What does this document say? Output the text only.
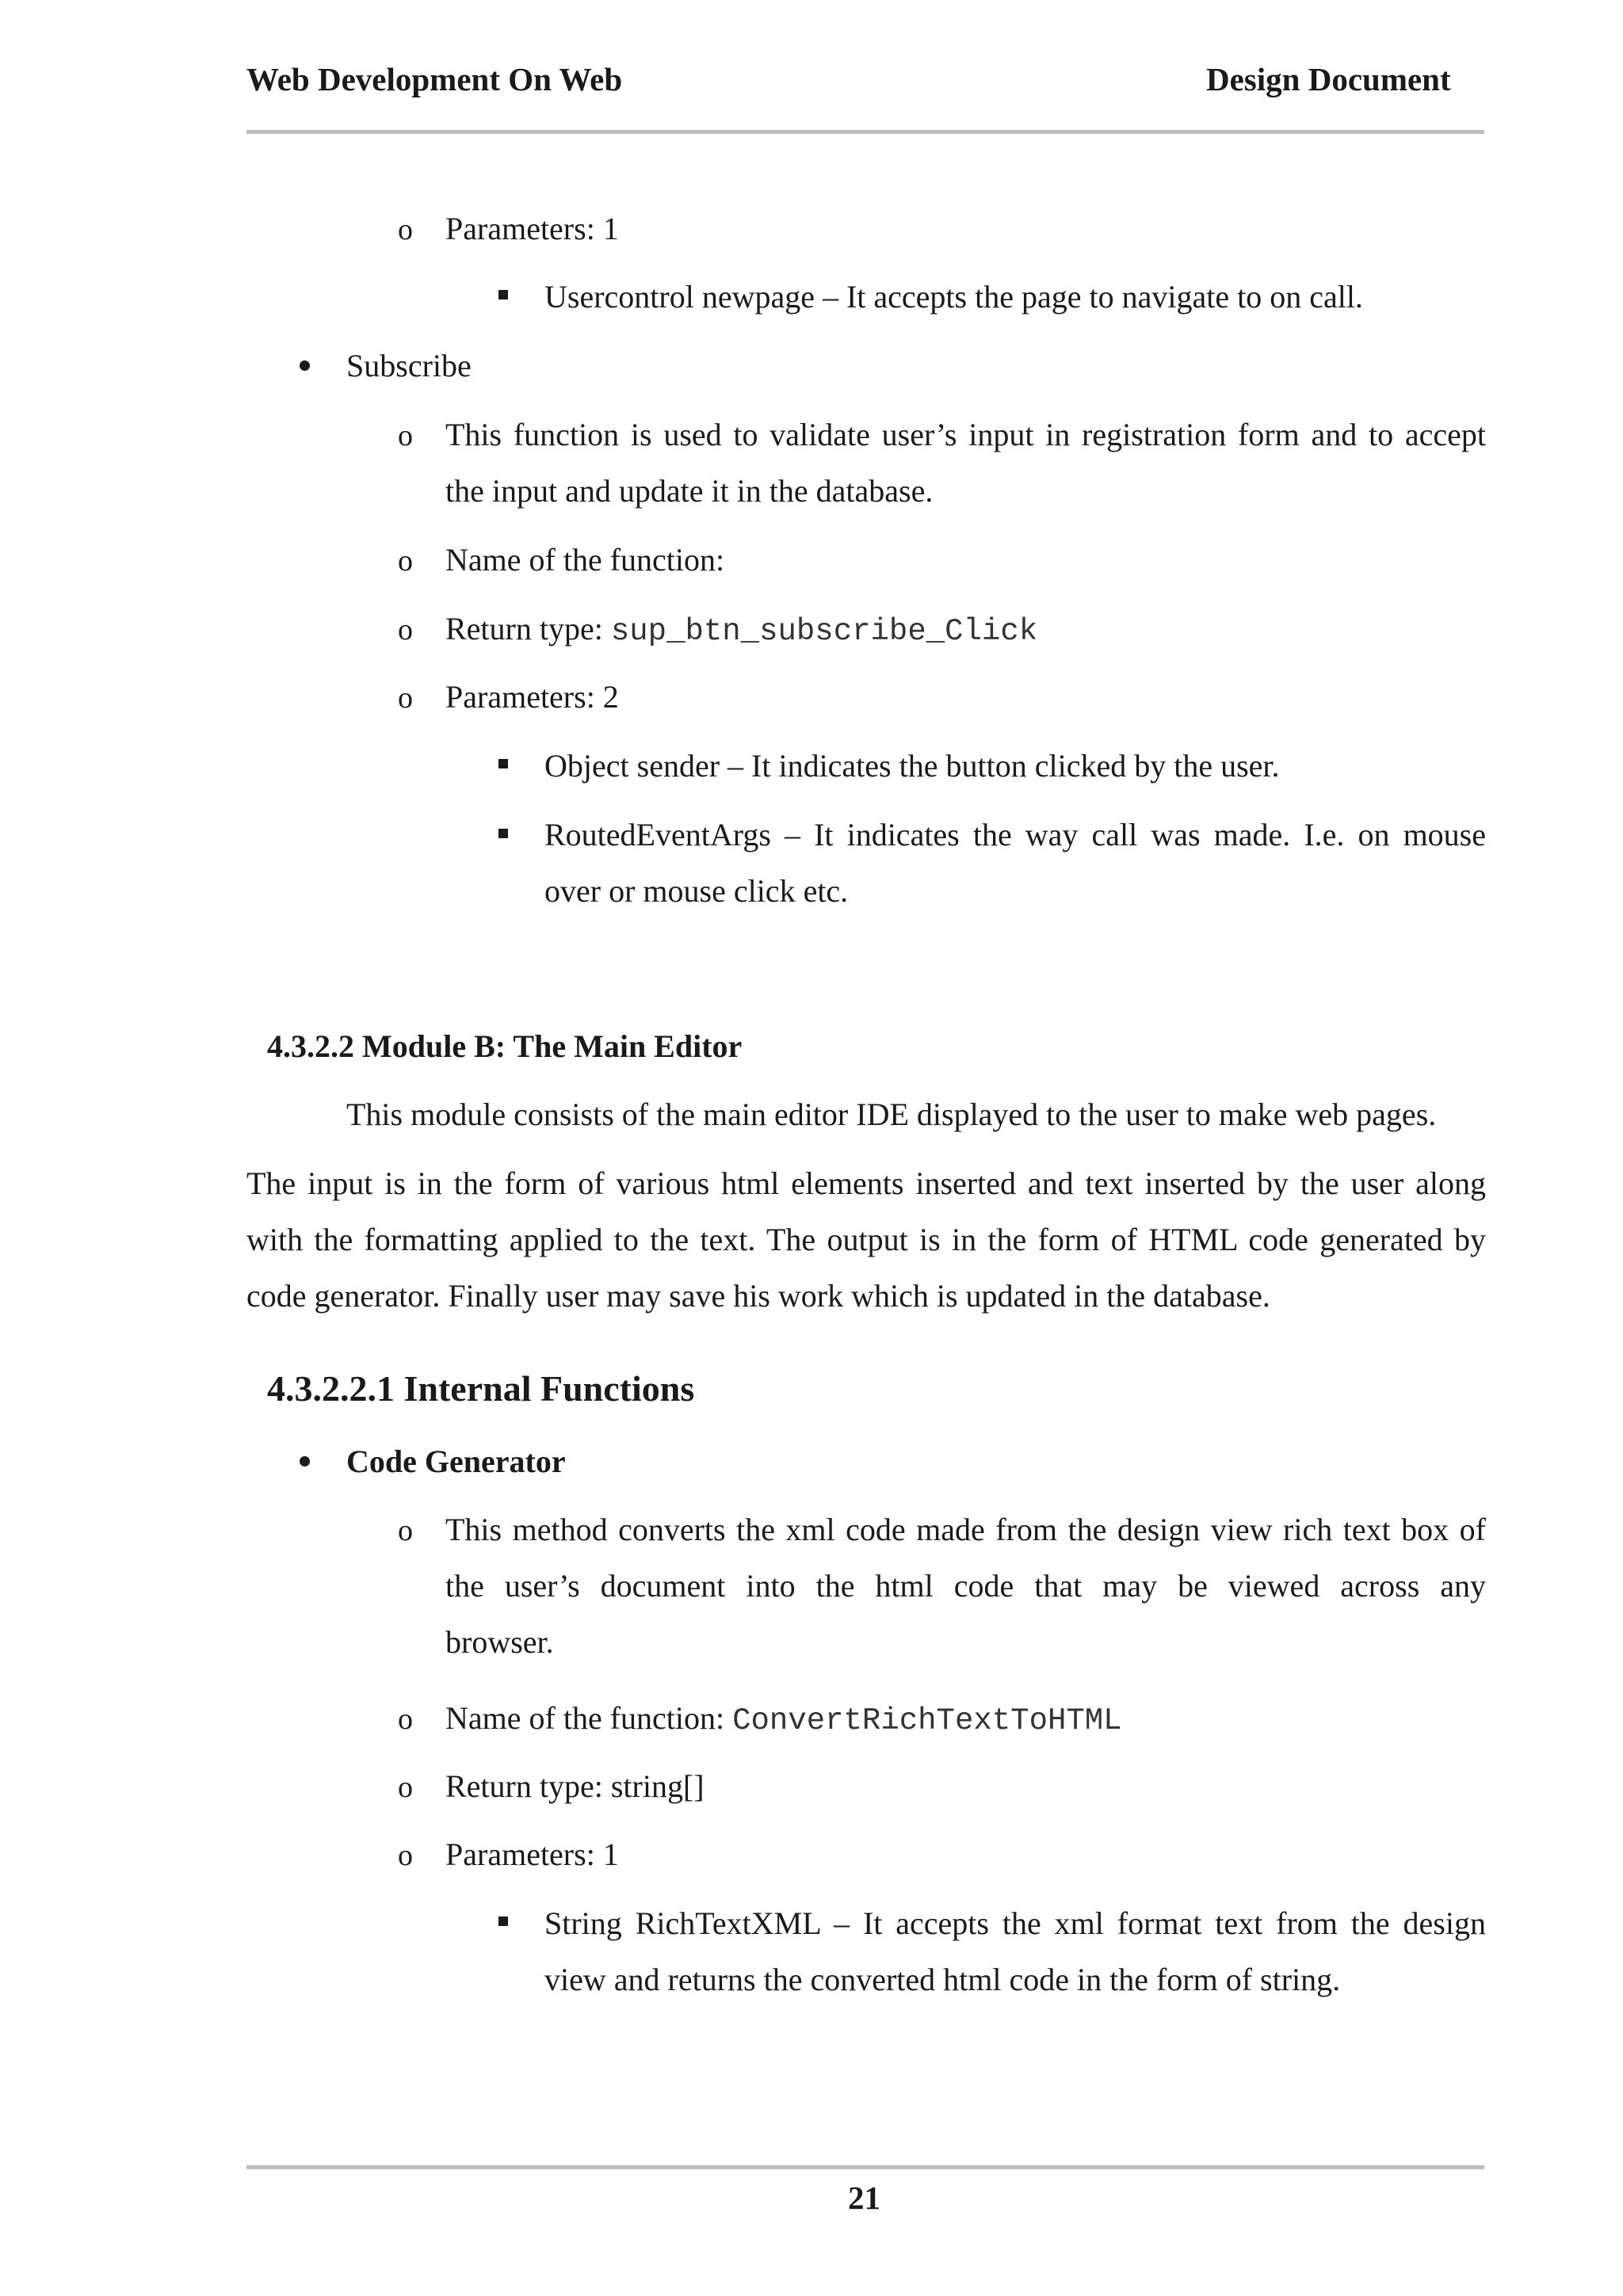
Web Development On Web	Design Document
o Parameters: 1
Usercontrol newpage – It accepts the page to navigate to on call.
Subscribe
o This function is used to validate user’s input in registration form and to accept
the input and update it in the database.
o Name of the function:
o Return type: sup_btn_subscribe_Click
o Parameters: 2
Object sender – It indicates the button clicked by the user.
RoutedEventArgs – It indicates the way call was made. I.e. on mouse
over or mouse click etc.
4.3.2.2 Module B: The Main Editor
This module consists of the main editor IDE displayed to the user to make web pages.
The input is in the form of various html elements inserted and text inserted by the user along
with the formatting applied to the text. The output is in the form of HTML code generated by
code generator. Finally user may save his work which is updated in the database.
4.3.2.2.1 Internal Functions
Code Generator
o This method converts the xml code made from the design view rich text box of
the user’s document into the html code that may be viewed across any
browser.
o Name of the function: ConvertRichTextToHTML
o Return type: string[]
o Parameters: 1
String RichTextXML – It accepts the xml format text from the design
view and returns the converted html code in the form of string.
21
